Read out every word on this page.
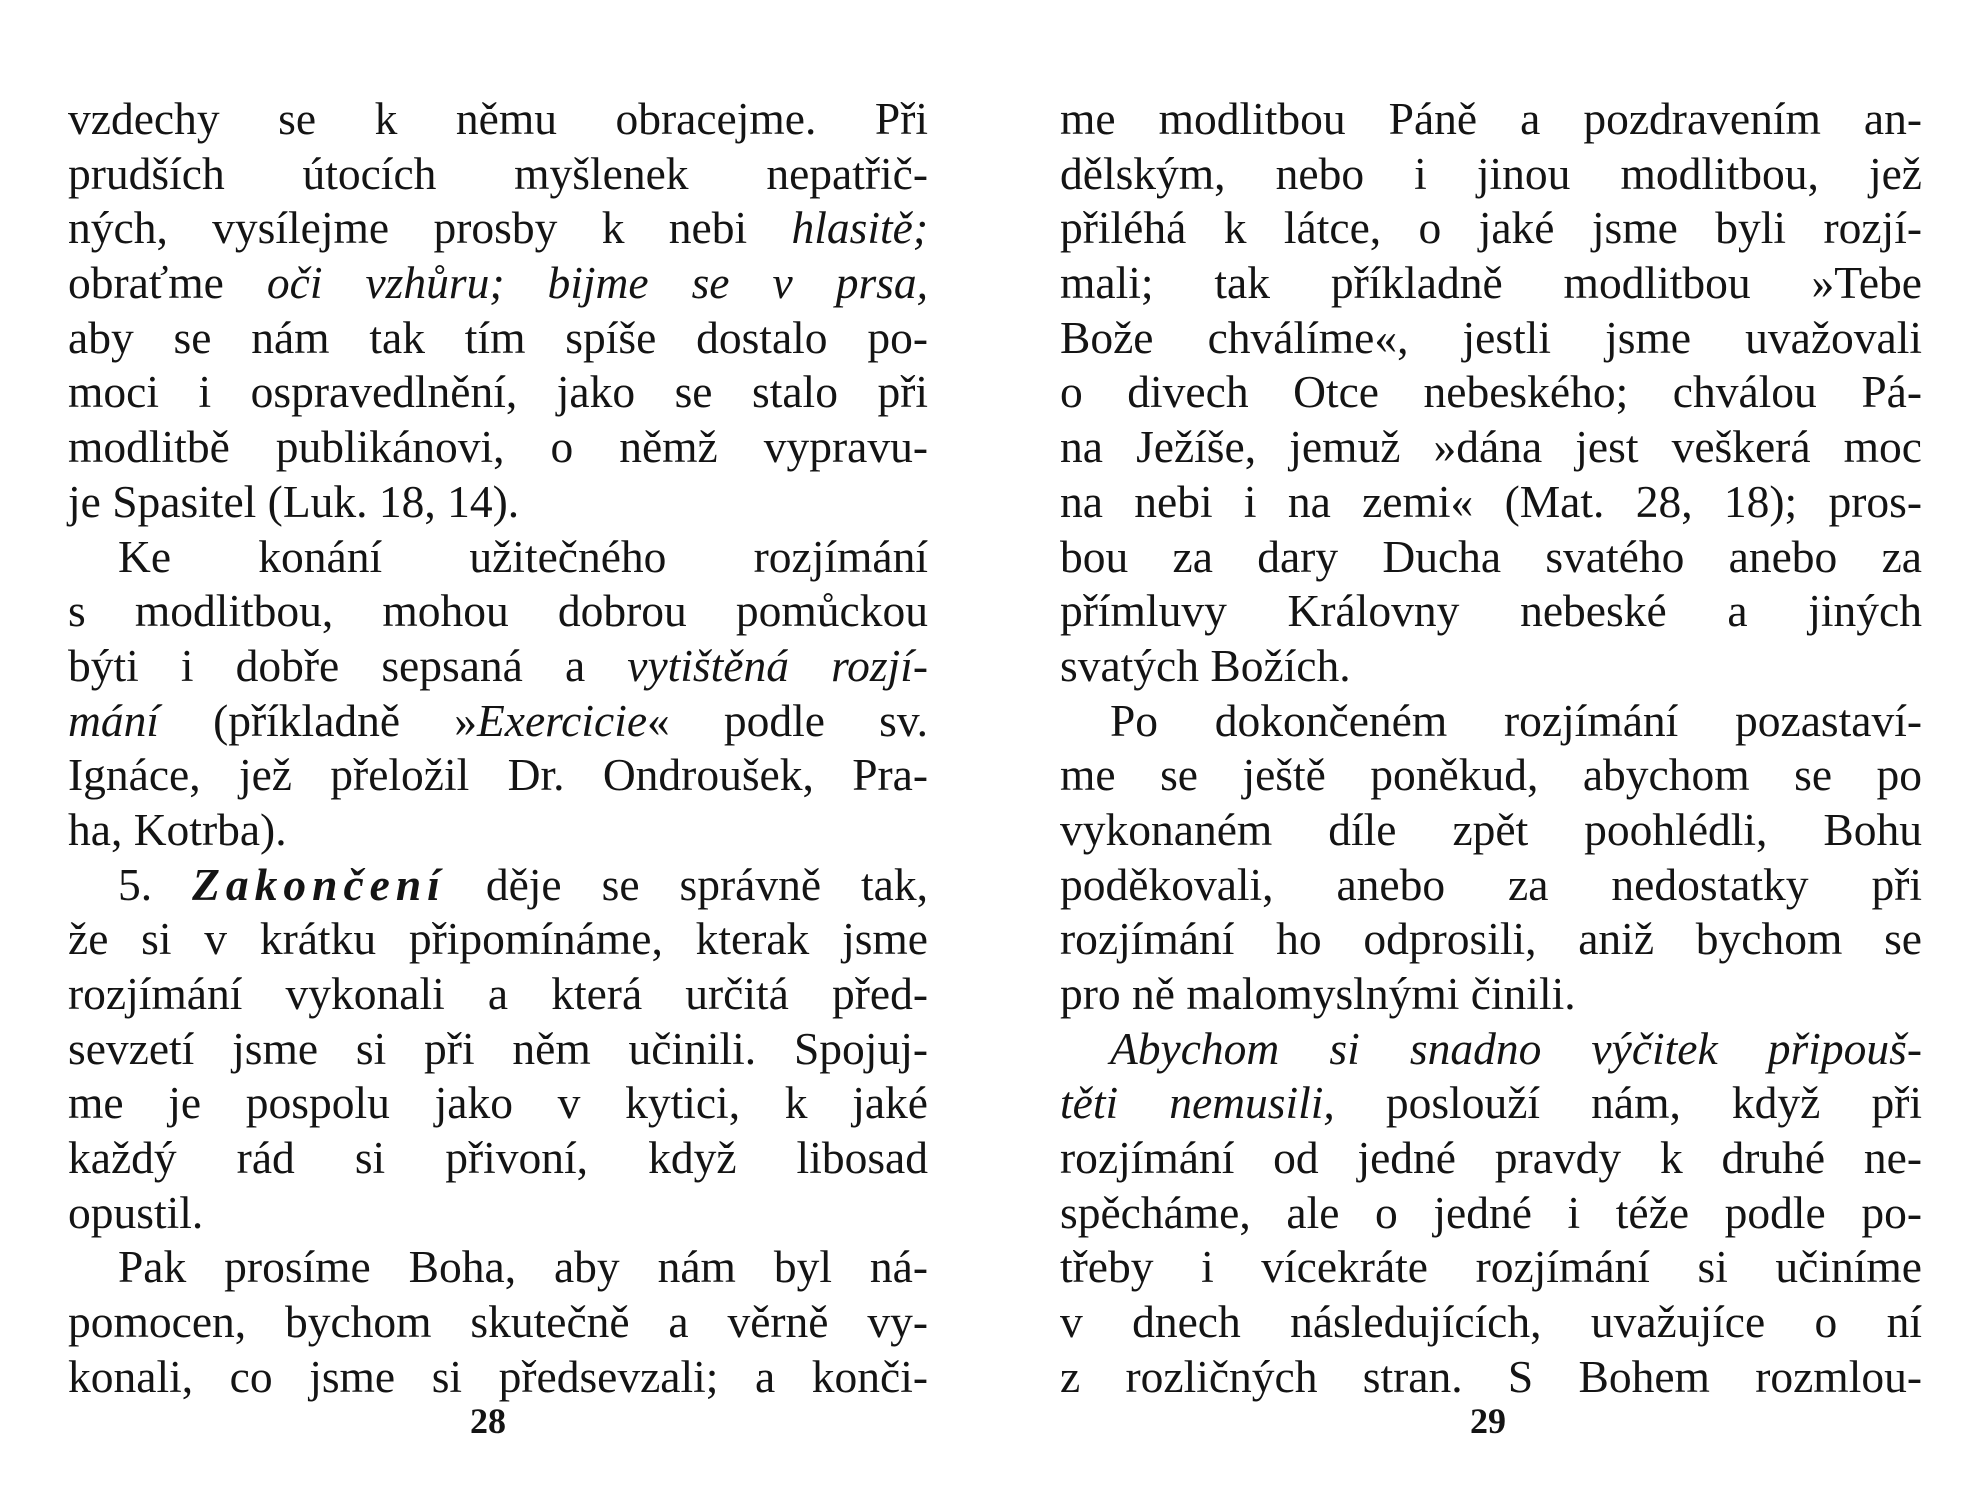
vzdechy se k němu obracejme. Při
prudších útocích myšlenek nepatřič-
ných, vysílejme prosby k nebi hlasitě;
obraťme oči vzhůru; bijme se v prsa,
aby se nám tak tím spíše dostalo po-
moci i ospravedlnění, jako se stalo při
modlitbě publikánovi, o němž vypravu-
je Spasitel (Luk. 18, 14).
Ke konání užitečného rozjímání
s modlitbou, mohou dobrou pomůckou
býti i dobře sepsaná a vytištěná rozjí-
mání (příkladně »Exercicie« podle sv.
Ignáce, jež přeložil Dr. Ondroušek, Pra-
ha, Kotrba).
5. Zakončení děje se správně tak,
že si v krátku připomínáme, kterak jsme
rozjímání vykonali a která určitá před-
sevzetí jsme si při něm učinili. Spojuj-
me je pospolu jako v kytici, k jaké
každý rád si přivoní, když libosad
opustil.
Pak prosíme Boha, aby nám byl ná-
pomocen, bychom skutečně a věrně vy-
konali, co jsme si předsevzali; a konči-
me modlitbou Páně a pozdravením an-
dělským, nebo i jinou modlitbou, jež
přiléhá k látce, o jaké jsme byli rozjí-
mali; tak příkladně modlitbou »Tebe
Bože chválíme«, jestli jsme uvažovali
o divech Otce nebeského; chválou Pá-
na Ježíše, jemuž »dána jest veškerá moc
na nebi i na zemi« (Mat. 28, 18); pros-
bou za dary Ducha svatého anebo za
přímluvy Královny nebeské a jiných
svatých Božích.
Po dokončeném rozjímání pozastaví-
me se ještě poněkud, abychom se po
vykonaném díle zpět poohlédli, Bohu
poděkovali, anebo za nedostatky při
rozjímání ho odprosili, aniž bychom se
pro ně malomyslnými činili.
Abychom si snadno výčitek připouš-
těti nemusili, poslouží nám, když při
rozjímání od jedné pravdy k druhé ne-
spěcháme, ale o jedné i téže podle po-
třeby i vícekráte rozjímání si učiníme
v dnech následujících, uvažujíce o ní
z rozličných stran. S Bohem rozmlou-
28	29
